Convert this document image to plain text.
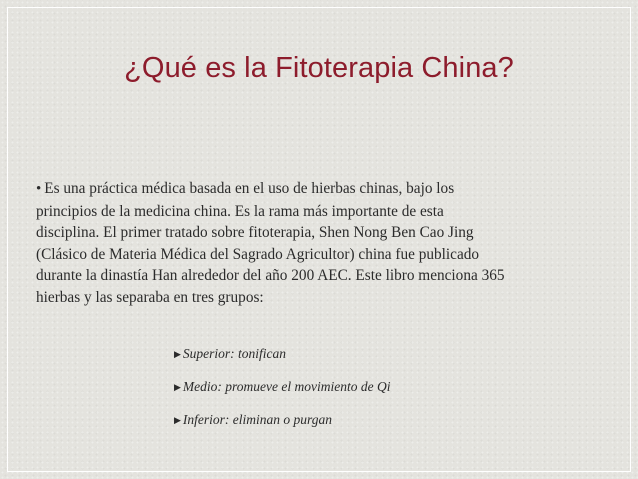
¿Qué es la Fitoterapia China?
• Es una práctica médica basada en el uso de hierbas chinas, bajo los
principios de la medicina china. Es la rama más importante de esta
disciplina. El primer tratado sobre fitoterapia, Shen Nong Ben Cao Jing
(Clásico de Materia Médica del Sagrado Agricultor) china fue publicado
durante la dinastía Han alrededor del año 200 AEC. Este libro menciona 365
hierbas y las separaba en tres grupos:
▶ Superior: tonifican
▶ Medio: promueve el movimiento de Qi
▶ Inferior: eliminan o purgan
